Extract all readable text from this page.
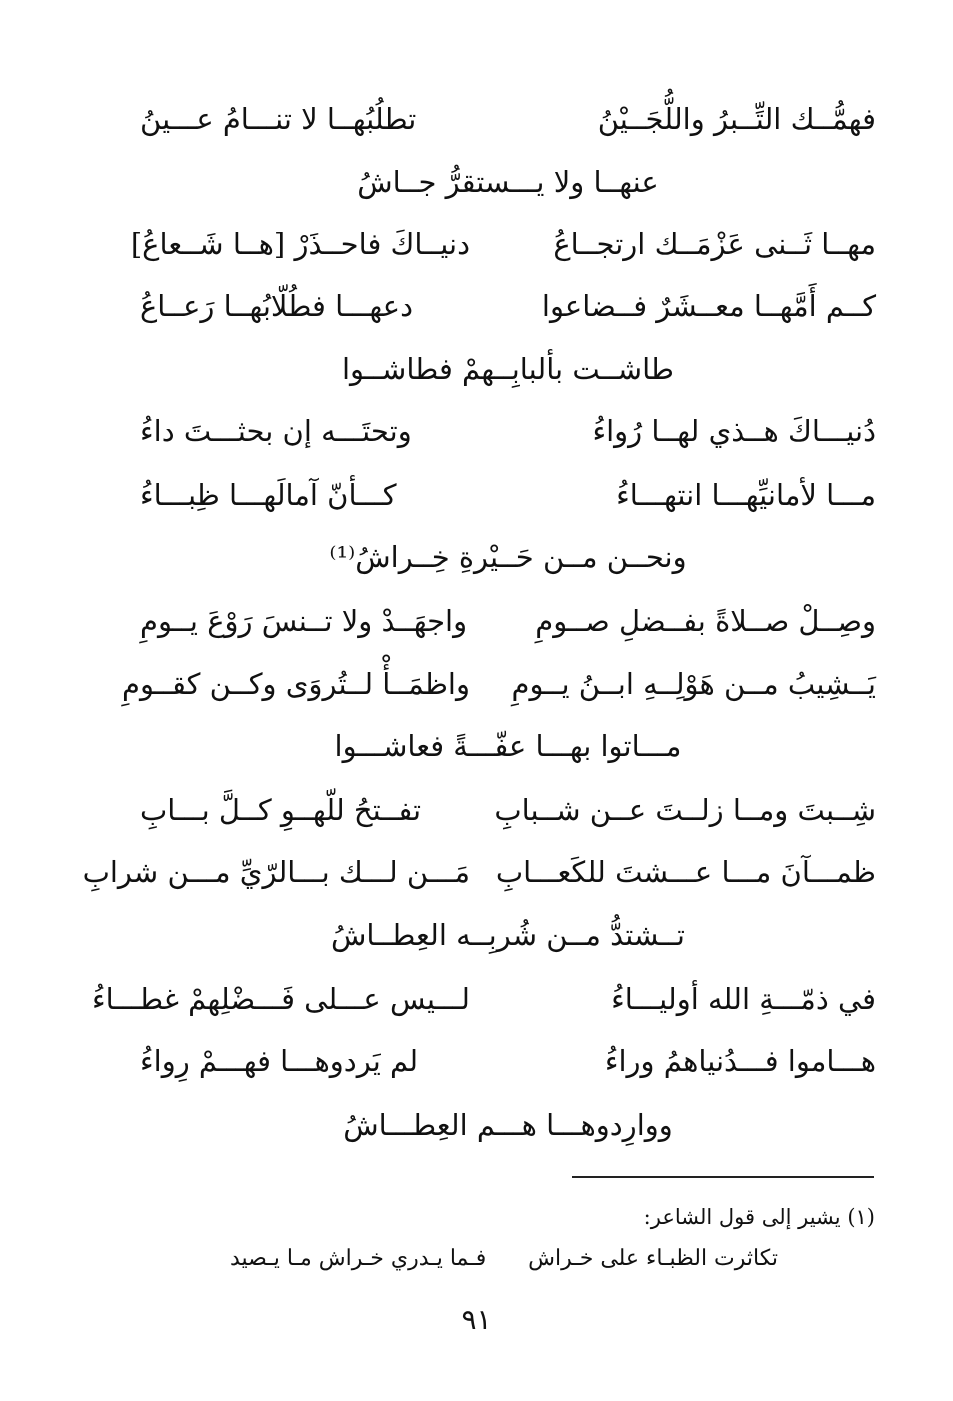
فهمُّــك التِّــبرُ واللُّجَــيْنُ
تطلُبُهــا لا تنـــامُ عـــينُ
عنهــا ولا يـــستقرُّ جــاشُ
مهــا ثَــنى عَزْمَــك ارتجــاعُ
دنيــاكَ فاحــذَرْ [هــا شَــعاعُ]
كــم أَمَّهــا معــشَرٌ فــضاعوا
دعهـــا فطُلّابُهــا رَعــاعُ
طاشــت بألبابِــهمْ فطاشــوا
دُنيـــاكَ هــذي لهــا رُواءُ
وتحتَـــه إن بحثـــتَ داءُ
مـــا لأمانيِّهـــا انتهـــاءُ
كـــأنّ آمالَهـــا ظِبـــاءُ
ونحــن مــن حَــيْرةِ خِــراشُ⁽¹⁾
وصِــلْ صــلاةً بفــضلِ صــومِ
واجهَــدْ ولا تــنسَ رَوْعَ يــومِ
يَــشِيبُ مــن هَوْلِــهِ ابــنُ يــومِ
واظمَــأْ لــتُروَى وكــن كقــومِ
مـــاتوا بهـــا عفّـــةً فعاشـــوا
شِــبتَ ومــا زلــتَ عــن شــبابِ
تفــتحُ للّهــوِ كــلَّ بـــابِ
ظمـــآنَ مـــا عـــشتَ للكَعـــابِ
مَـــن لـــك بـــالرّيِّ مـــن شرابِ
تــشتدُّ مــن شُربِــه العِطــاشُ
في ذمّـــةِ الله أوليـــاءُ
لـــيس عـــلى فَـــضْلِهمْ غطـــاءُ
هـــاموا فـــدُنياهمُ وراءُ
لم يَردوهـــا فهـــمْ رِواءُ
ووارِدوهـــا هـــم العِطـــاشُ
(١) يشير إلى قول الشاعر:
تكاثرت الظبـاء على خـراش
فـما يـدري خـراش مـا يـصيد
٩١
